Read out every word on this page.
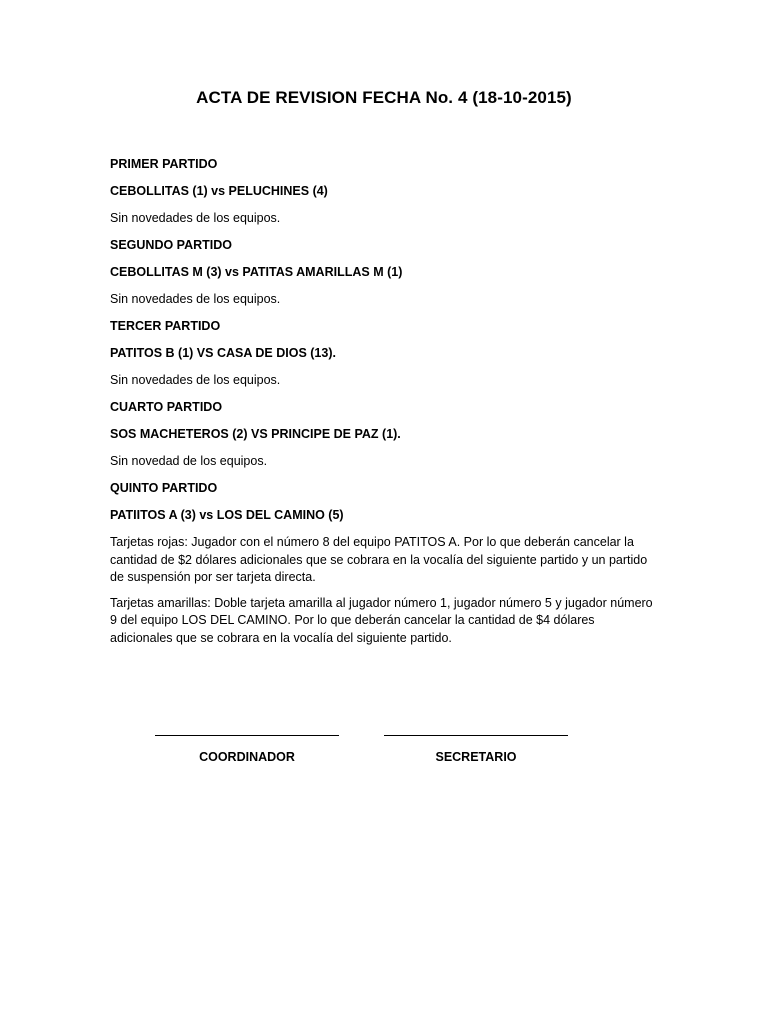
ACTA DE REVISION FECHA No. 4 (18-10-2015)
PRIMER PARTIDO
CEBOLLITAS (1) vs PELUCHINES (4)
Sin novedades de los equipos.
SEGUNDO PARTIDO
CEBOLLITAS M (3) vs PATITAS AMARILLAS M (1)
Sin novedades de los equipos.
TERCER PARTIDO
PATITOS B (1) VS CASA DE DIOS (13).
Sin novedades de los equipos.
CUARTO PARTIDO
SOS MACHETEROS (2) VS PRINCIPE DE PAZ (1).
Sin novedad de los equipos.
QUINTO PARTIDO
PATIITOS A (3) vs LOS DEL CAMINO (5)
Tarjetas rojas: Jugador con el número 8 del equipo PATITOS A. Por lo que deberán cancelar la cantidad de $2 dólares adicionales que se cobrara en la vocalía del siguiente partido y un partido de suspensión por ser tarjeta directa.
Tarjetas amarillas: Doble tarjeta amarilla al jugador número 1, jugador número 5 y jugador número 9 del equipo LOS DEL CAMINO. Por lo que deberán cancelar la cantidad de $4 dólares adicionales que se cobrara en la vocalía del siguiente partido.
COORDINADOR	SECRETARIO
